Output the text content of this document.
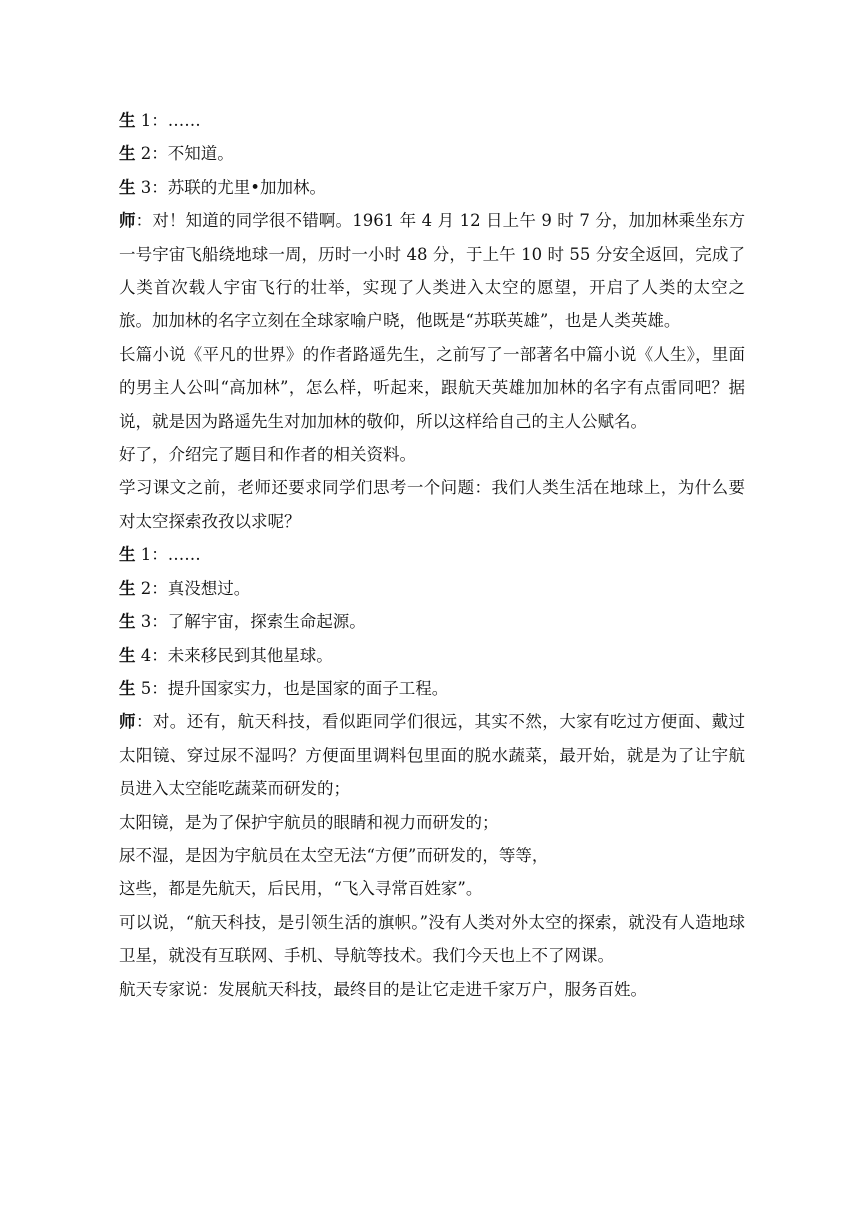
生 1：……

生 2：不知道。

生 3：苏联的尤里•加加林。

师：对！知道的同学很不错啊。1961 年 4 月 12 日上午 9 时 7 分，加加林乘坐东方一号宇宙飞船绕地球一周，历时一小时 48 分，于上午 10 时 55 分安全返回，完成了人类首次载人宇宙飞行的壮举，实现了人类进入太空的愿望，开启了人类的太空之旅。加加林的名字立刻在全球家喻户晓，他既是“苏联英雄”，也是人类英雄。

长篇小说《平凡的世界》的作者路遥先生，之前写了一部著名中篇小说《人生》，里面的男主人公叫“高加林”，怎么样，听起来，跟航天英雄加加林的名字有点雷同吧？据说，就是因为路遥先生对加加林的敬仰，所以这样给自己的主人公赋名。

好了，介绍完了题目和作者的相关资料。

学习课文之前，老师还要求同学们思考一个问题：我们人类生活在地球上，为什么要对太空探索孜孜以求呢？

生 1：……

生 2：真没想过。

生 3：了解宇宙，探索生命起源。

生 4：未来移民到其他星球。

生 5：提升国家实力，也是国家的面子工程。

师：对。还有，航天科技，看似距同学们很远，其实不然，大家有吃过方便面、戴过太阳镜、穿过尿不湿吗？方便面里调料包里面的脱水蔬菜，最开始，就是为了让宇航员进入太空能吃蔬菜而研发的；

太阳镜，是为了保护宇航员的眼睛和视力而研发的；

尿不湿，是因为宇航员在太空无法“方便”而研发的，等等，

这些，都是先航天，后民用，“飞入寻常百姓家”。

可以说，“航天科技，是引领生活的旗帜。”没有人类对外太空的探索，就没有人造地球卫星，就没有互联网、手机、导航等技术。我们今天也上不了网课。

航天专家说：发展航天科技，最终目的是让它走进千家万户，服务百姓。
